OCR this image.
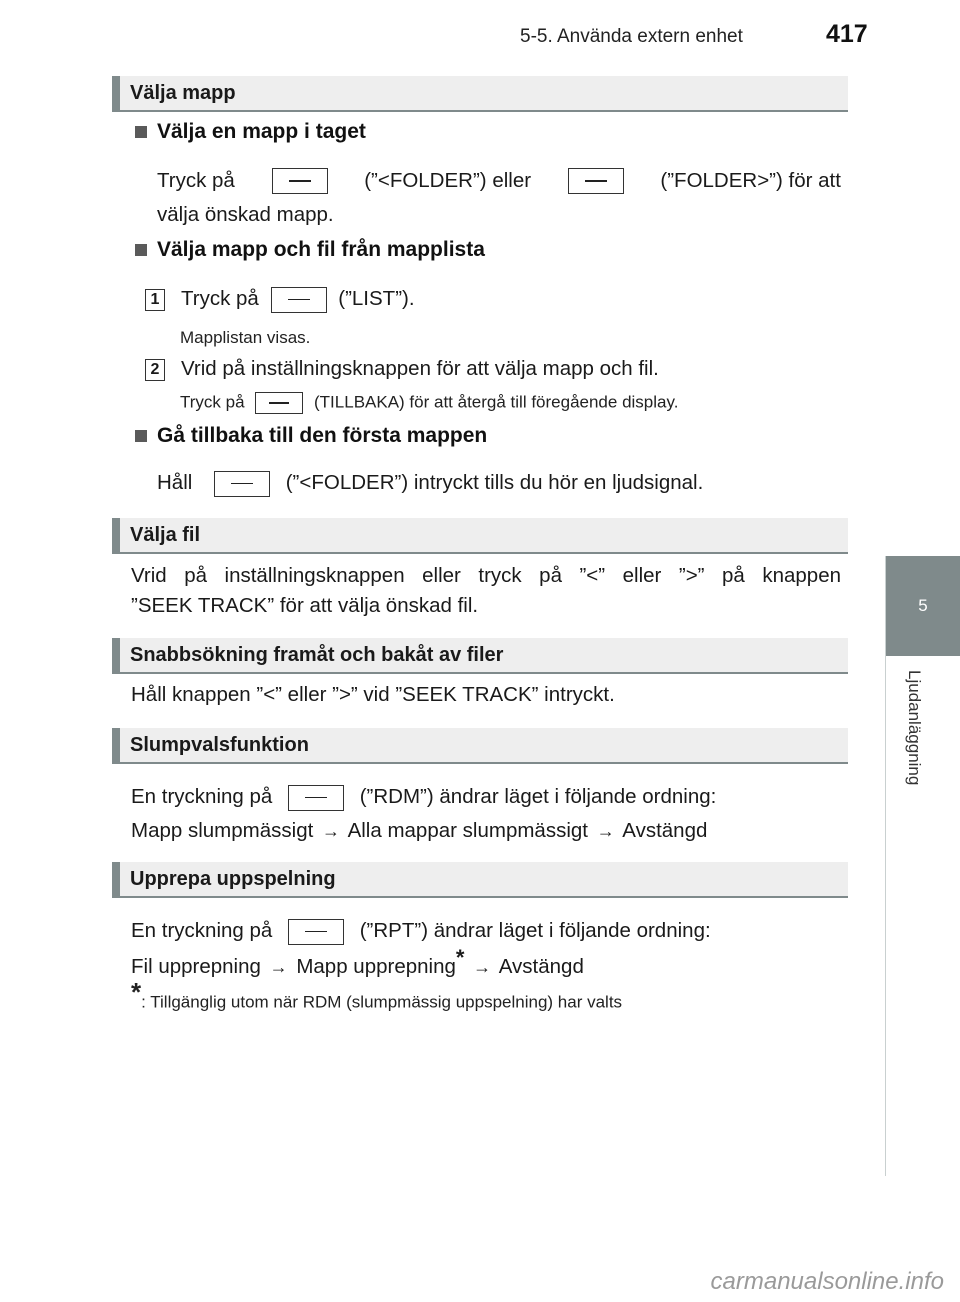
5-5. Använda extern enhet	417
5
Ljudanläggning
Välja mapp
Välja en mapp i taget
Tryck på	(”<FOLDER”) eller	(”FOLDER>”) för att
välja önskad mapp.
Välja mapp och fil från mapplista
1 Tryck på	(”LIST”).
Mapplistan visas.
2 Vrid på inställningsknappen för att välja mapp och fil.
Tryck på	(TILLBAKA) för att återgå till föregående display.
Gå tillbaka till den första mappen
Håll	(”<FOLDER”) intryckt tills du hör en ljudsignal.
Välja fil
Vrid på inställningsknappen eller tryck på ”<” eller ”>” på knappen
”SEEK TRACK” för att välja önskad fil.
Snabbsökning framåt och bakåt av filer
Håll knappen ”<” eller ”>” vid ”SEEK TRACK” intryckt.
Slumpvalsfunktion
En tryckning på	(”RDM”) ändrar läget i följande ordning:
Mapp slumpmässigt → Alla mappar slumpmässigt → Avstängd
Upprepa uppspelning
En tryckning på	(”RPT”) ändrar läget i följande ordning:
Fil upprepning → Mapp upprepning* → Avstängd
*: Tillgänglig utom när RDM (slumpmässig uppspelning) har valts
carmanualsonline.info
